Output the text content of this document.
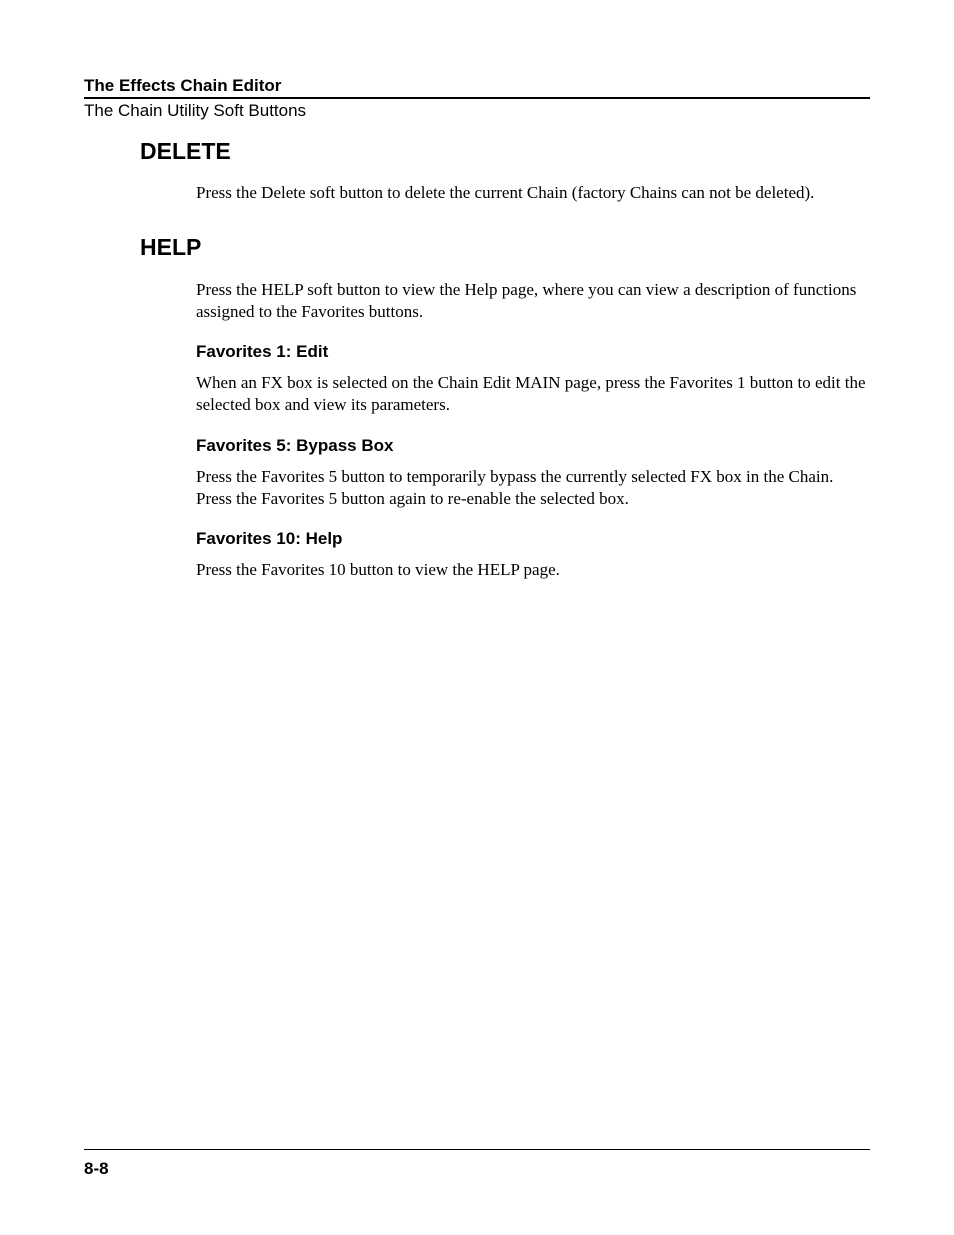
The Effects Chain Editor
The Chain Utility Soft Buttons
DELETE

Press the Delete soft button to delete the current Chain (factory Chains can not be deleted).

HELP

Press the HELP soft button to view the Help page, where you can view a description of functions assigned to the Favorites buttons.

Favorites 1: Edit

When an FX box is selected on the Chain Edit MAIN page, press the Favorites 1 button to edit the selected box and view its parameters.

Favorites 5: Bypass Box

Press the Favorites 5 button to temporarily bypass the currently selected FX box in the Chain. Press the Favorites 5 button again to re-enable the selected box.

Favorites 10: Help

Press the Favorites 10 button to view the HELP page.

8-8
